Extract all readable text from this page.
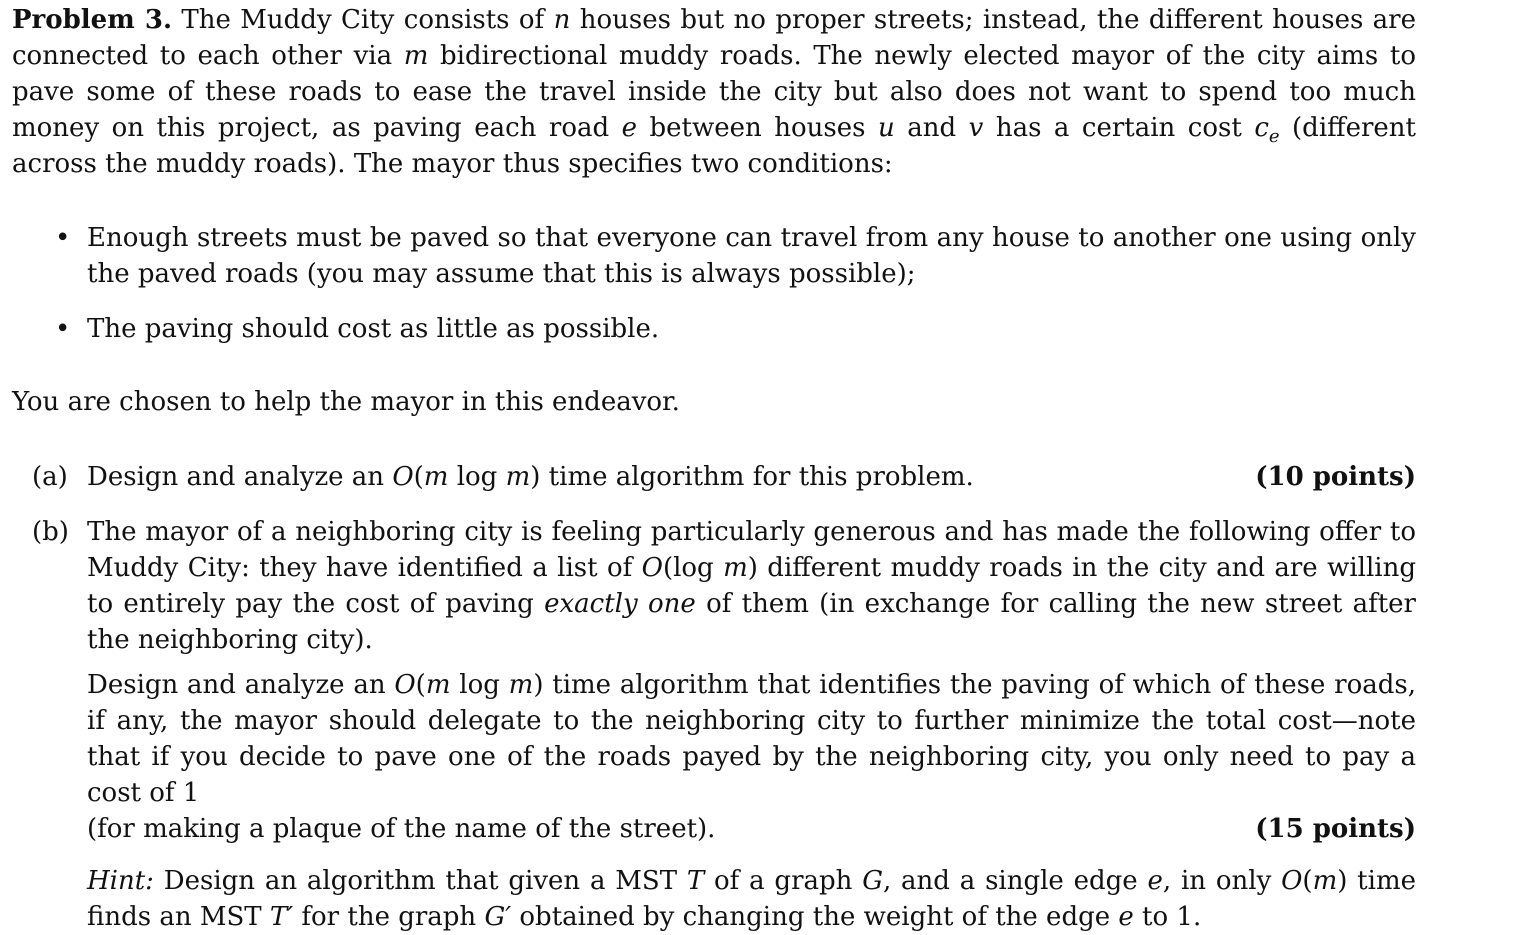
Problem 3. The Muddy City consists of n houses but no proper streets; instead, the different houses are connected to each other via m bidirectional muddy roads. The newly elected mayor of the city aims to pave some of these roads to ease the travel inside the city but also does not want to spend too much money on this project, as paving each road e between houses u and v has a certain cost $c_e$ (different across the muddy roads). The mayor thus specifies two conditions:

• Enough streets must be paved so that everyone can travel from any house to another one using only the paved roads (you may assume that this is always possible);
• The paving should cost as little as possible.

You are chosen to help the mayor in this endeavor.

(a) Design and analyze an O(m log m) time algorithm for this problem.	(10 points)
(b) The mayor of a neighboring city is feeling particularly generous and has made the following offer to Muddy City: they have identified a list of O(log m) different muddy roads in the city and are willing to entirely pay the cost of paving exactly one of them (in exchange for calling the new street after the neighboring city).

Design and analyze an O(m log m) time algorithm that identifies the paving of which of these roads, if any, the mayor should delegate to the neighboring city to further minimize the total cost—note that if you decide to pave one of the roads payed by the neighboring city, you only need to pay a cost of 1

(for making a plaque of the name of the street).	(15 points)

Hint: Design an algorithm that given a MST T of a graph G, and a single edge e, in only O(m) time finds an MST T′ for the graph G′ obtained by changing the weight of the edge e to 1.
